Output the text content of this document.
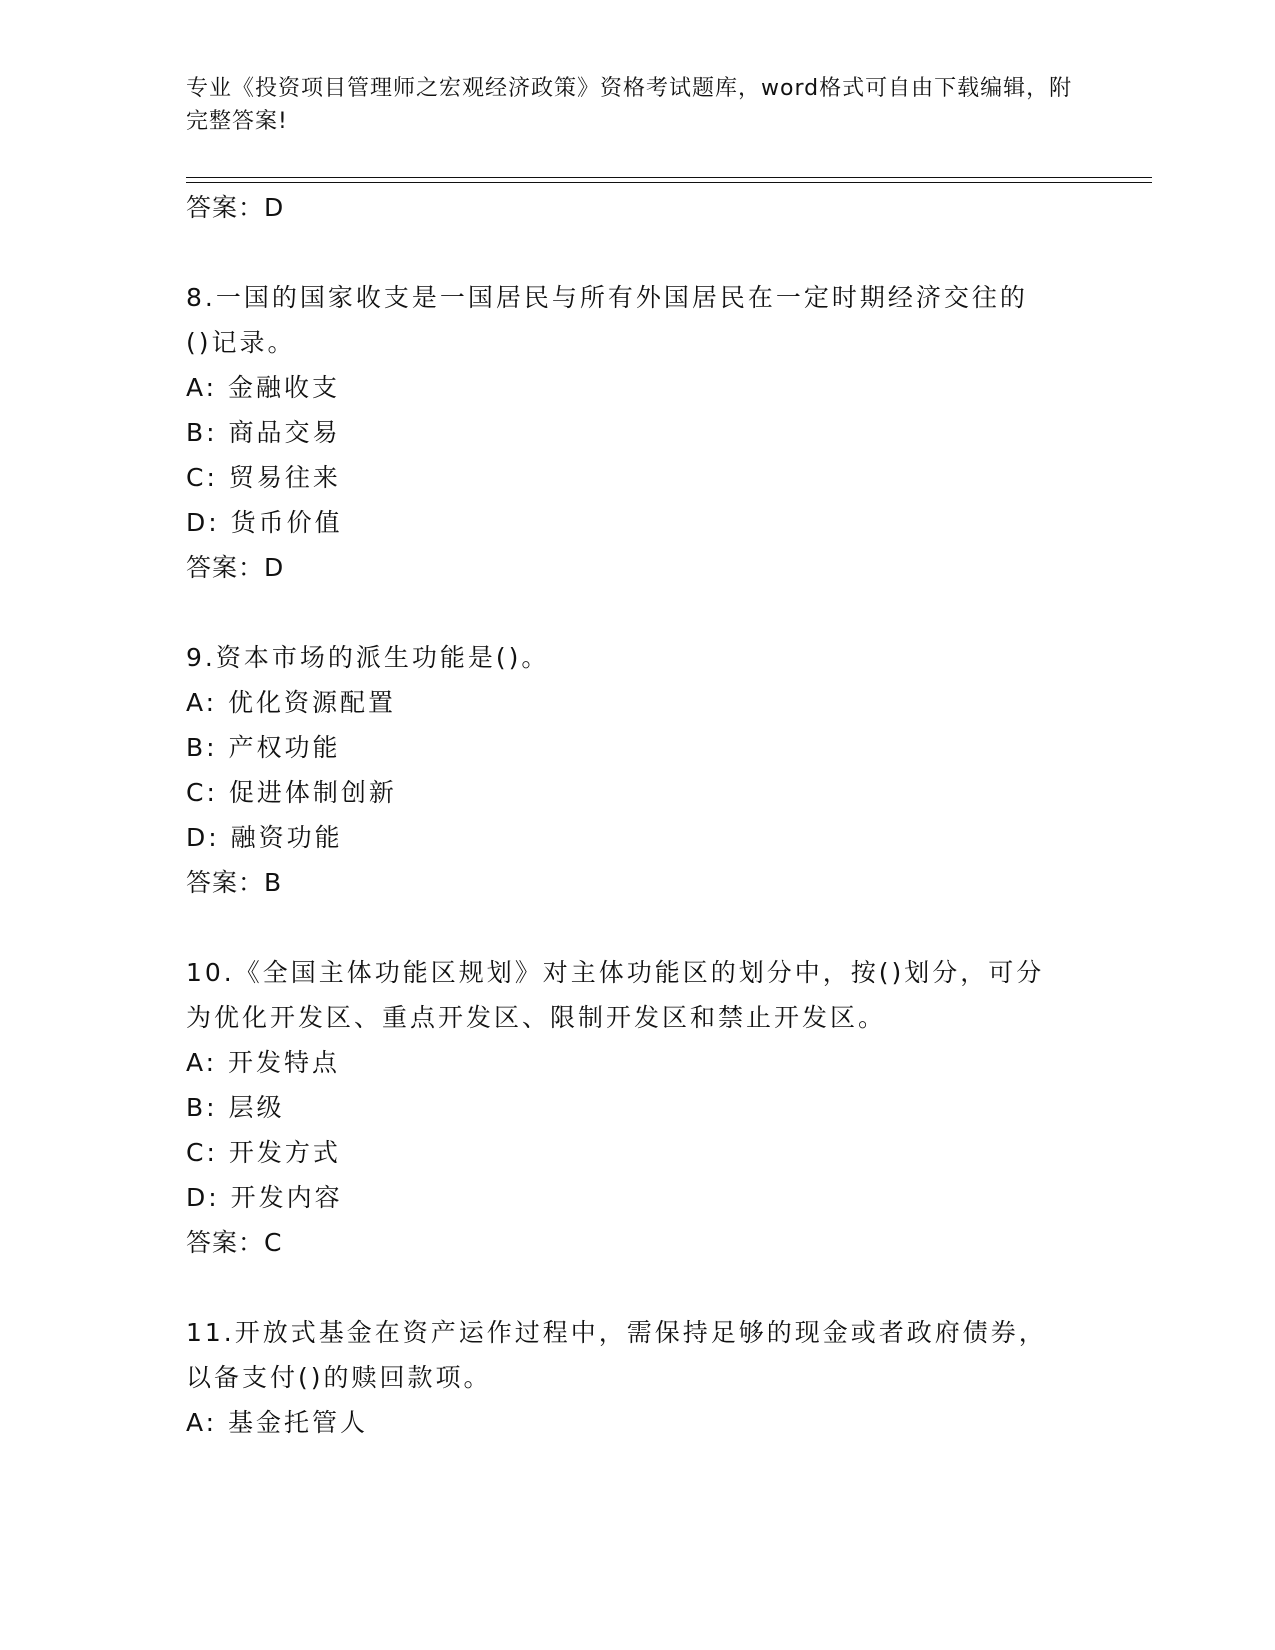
专业《投资项目管理师之宏观经济政策》资格考试题库，word格式可自由下载编辑，附完整答案!
答案：D
8.一国的国家收支是一国居民与所有外国居民在一定时期经济交往的
()记录。
A: 金融收支
B: 商品交易
C: 贸易往来
D: 货币价值
答案：D
9.资本市场的派生功能是()。
A: 优化资源配置
B: 产权功能
C: 促进体制创新
D: 融资功能
答案：B
10.《全国主体功能区规划》对主体功能区的划分中，按()划分，可分
为优化开发区、重点开发区、限制开发区和禁止开发区。
A: 开发特点
B: 层级
C: 开发方式
D: 开发内容
答案：C
11.开放式基金在资产运作过程中，需保持足够的现金或者政府债券，
以备支付()的赎回款项。
A: 基金托管人
